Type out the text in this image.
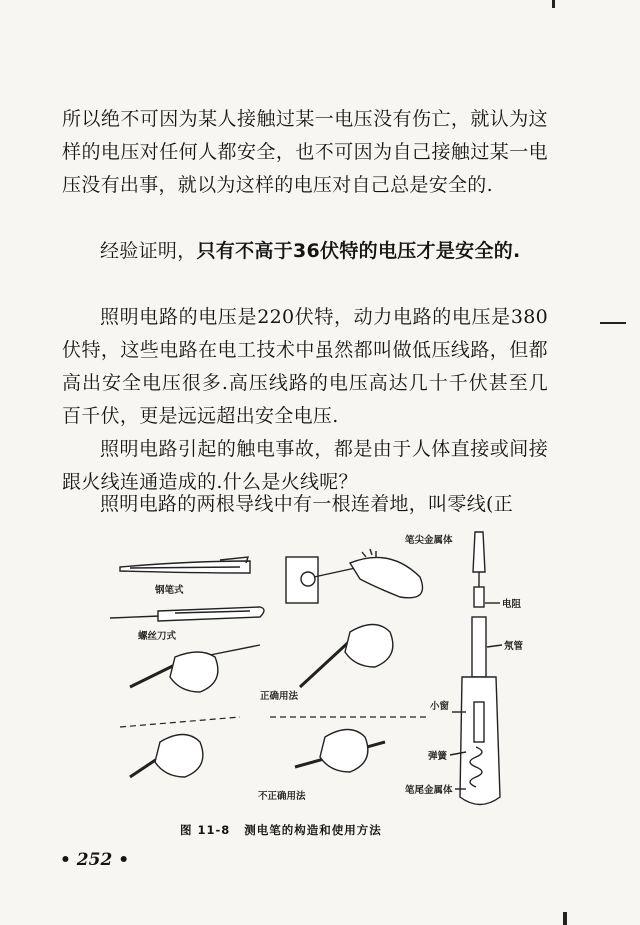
所以绝不可因为某人接触过某一电压没有伤亡，就认为这样的电压对任何人都安全，也不可因为自己接触过某一电压没有出事，就以为这样的电压对自己总是安全的.

经验证明，只有不高于36伏特的电压才是安全的.

照明电路的电压是220伏特，动力电路的电压是380伏特，这些电路在电工技术中虽然都叫做低压线路，但都高出安全电压很多.高压线路的电压高达几十千伏甚至几百千伏，更是远远超出安全电压.

照明电路引起的触电事故，都是由于人体直接或间接跟火线连通造成的.什么是火线呢？

照明电路的两根导线中有一根连着地，叫零线(正

钢笔式
螺丝刀式
正确用法
不正确用法
笔尖金属体
电阻
氖管
小窗
弹簧
笔尾金属体
图 11-8 测电笔的构造和使用方法
• 252 •
